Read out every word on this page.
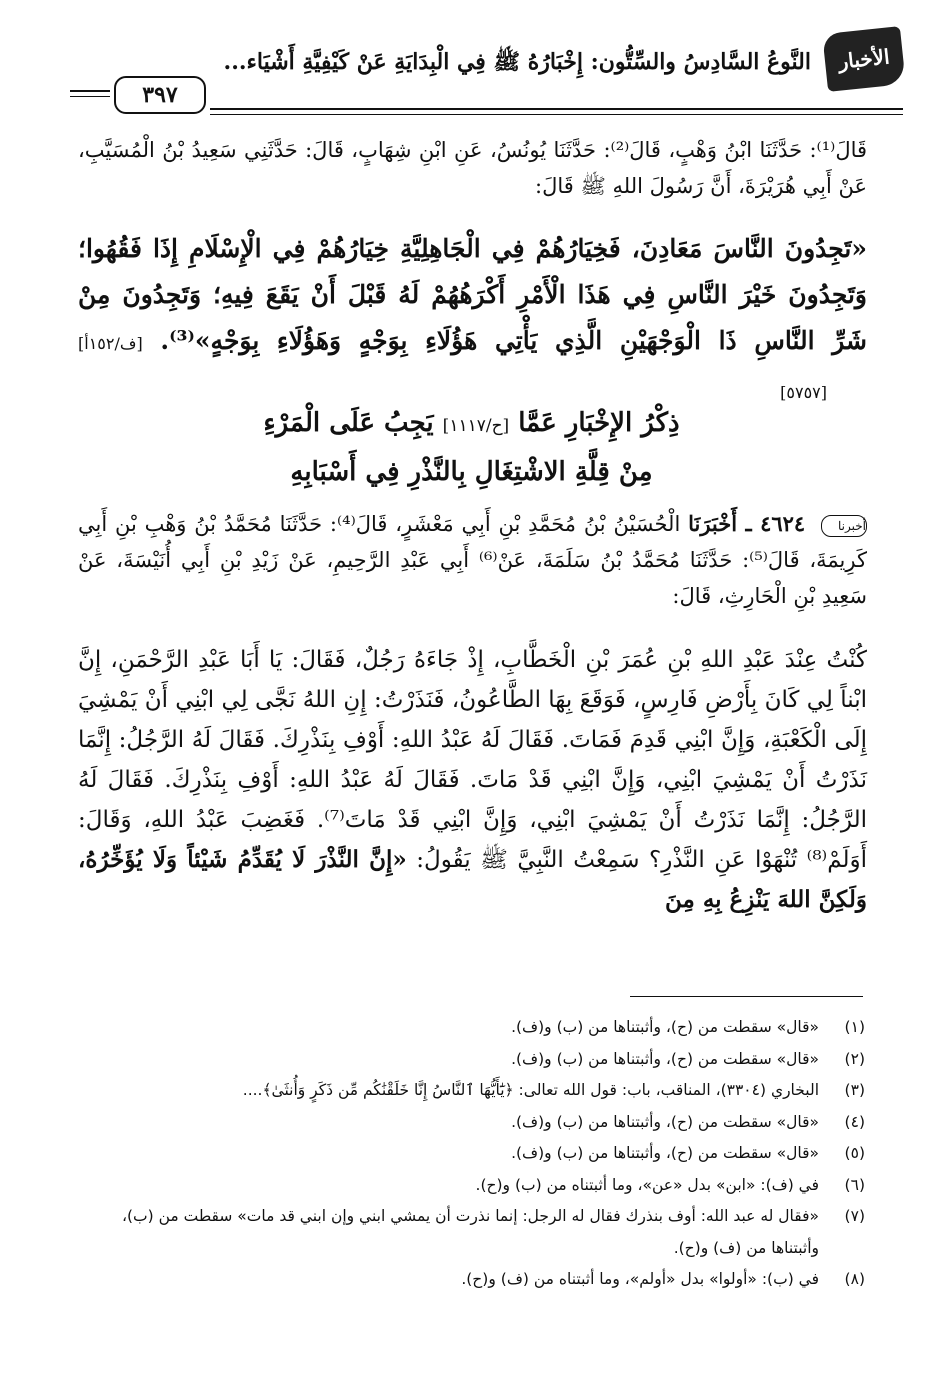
الأخبار
النَّوعُ السَّادِسُ والسِّتُّون: إِخْبَارُهُ ﷺ فِي الْبِدَايَةِ عَنْ كَيْفِيَّةِ أَشْيَاء...
٣٩٧
قَالَ⁽¹⁾: حَدَّثَنَا ابْنُ وَهْبٍ، قَالَ⁽²⁾: حَدَّثَنَا يُونُسُ، عَنِ ابْنِ شِهَابٍ، قَالَ: حَدَّثَنِي سَعِيدُ بْنُ الْمُسَيَّبِ، عَنْ أَبِي هُرَيْرَةَ، أَنَّ رَسُولَ اللهِ ﷺ قَالَ:
«تَجِدُونَ النَّاسَ مَعَادِنَ، فَخِيَارُهُمْ فِي الْجَاهِلِيَّةِ خِيَارُهُمْ فِي الْإِسْلَامِ إِذَا فَقُهُوا؛ وَتَجِدُونَ خَيْرَ النَّاسِ فِي هَذَا الْأَمْرِ أَكْرَهُهُمْ لَهُ قَبْلَ أَنْ يَقَعَ فِيهِ؛ وَتَجِدُونَ مِنْ شَرِّ النَّاسِ ذَا الْوَجْهَيْنِ الَّذِي يَأْتِي هَؤُلَاءِ بِوَجْهٍ وَهَؤُلَاءِ بِوَجْهٍ»⁽³⁾. [ف/١٥٢أ] [٥٧٥٧]
ذِكْرُ الإِخْبَارِ عَمَّا [ح/١١١٧] يَجِبُ عَلَى الْمَرْءِ
مِنْ قِلَّةِ الاشْتِغَالِ بِالنَّذْرِ فِي أَسْبَابِهِ
أخبرنا ٤٦٢٤ ـ أَخْبَرَنَا الْحُسَيْنُ بْنُ مُحَمَّدِ بْنِ أَبِي مَعْشَرٍ، قَالَ⁽⁴⁾: حَدَّثَنَا مُحَمَّدُ بْنُ وَهْبِ بْنِ أَبِي كَرِيمَةَ، قَالَ⁽⁵⁾: حَدَّثَنَا مُحَمَّدُ بْنُ سَلَمَةَ، عَنْ⁽⁶⁾ أَبِي عَبْدِ الرَّحِيمِ، عَنْ زَيْدِ بْنِ أَبِي أُنَيْسَةَ، عَنْ سَعِيدِ بْنِ الْحَارِثِ، قَالَ:
كُنْتُ عِنْدَ عَبْدِ اللهِ بْنِ عُمَرَ بْنِ الْخَطَّابِ، إِذْ جَاءَهُ رَجُلٌ، فَقَالَ: يَا أَبَا عَبْدِ الرَّحْمَنِ، إِنَّ ابْناً لِي كَانَ بِأَرْضِ فَارِسٍ، فَوَقَعَ بِهَا الطَّاعُونُ، فَنَذَرْتُ: إِنِ اللهُ نَجَّى لِي ابْنِي أَنْ يَمْشِيَ إِلَى الْكَعْبَةِ، وَإِنَّ ابْنِي قَدِمَ فَمَاتَ. فَقَالَ لَهُ عَبْدُ اللهِ: أَوْفِ بِنَذْرِكَ. فَقَالَ لَهُ الرَّجُلُ: إِنَّمَا نَذَرْتُ أَنْ يَمْشِيَ ابْنِي، وَإِنَّ ابْنِي قَدْ مَاتَ. فَقَالَ لَهُ عَبْدُ اللهِ: أَوْفِ بِنَذْرِكَ. فَقَالَ لَهُ الرَّجُلُ: إِنَّمَا نَذَرْتُ أَنْ يَمْشِيَ ابْنِي، وَإِنَّ ابْنِي قَدْ مَاتَ⁽⁷⁾. فَغَضِبَ عَبْدُ اللهِ، وَقَالَ: أَوَلَمْ⁽⁸⁾ تُنْهَوْا عَنِ النَّذْرِ؟ سَمِعْتُ النَّبِيَّ ﷺ يَقُولُ: «إِنَّ النَّذْرَ لَا يُقَدِّمُ شَيْئاً وَلَا يُؤَخِّرُهُ، وَلَكِنَّ اللهَ يَنْزِعُ بِهِ مِنَ
(١)
«قال» سقطت من (ح)، وأثبتناها من (ب) و(ف).
(٢)
«قال» سقطت من (ح)، وأثبتناها من (ب) و(ف).
(٣)
البخاري (٣٣٠٤)، المناقب، باب: قول الله تعالى: ﴿يَٰٓأَيُّهَا ٱلنَّاسُ إِنَّا خَلَقْنَٰكُم مِّن ذَكَرٍ وَأُنثَىٰ﴾....
(٤)
«قال» سقطت من (ح)، وأثبتناها من (ب) و(ف).
(٥)
«قال» سقطت من (ح)، وأثبتناها من (ب) و(ف).
(٦)
في (ف): «ابن» بدل «عن»، وما أثبتناه من (ب) و(ح).
(٧)
«فقال له عبد الله: أوف بنذرك فقال له الرجل: إنما نذرت أن يمشي ابني وإن ابني قد مات» سقطت من (ب)، وأثبتناها من (ف) و(ح).
(٨)
في (ب): «أولوا» بدل «أولم»، وما أثبتناه من (ف) و(ح).
